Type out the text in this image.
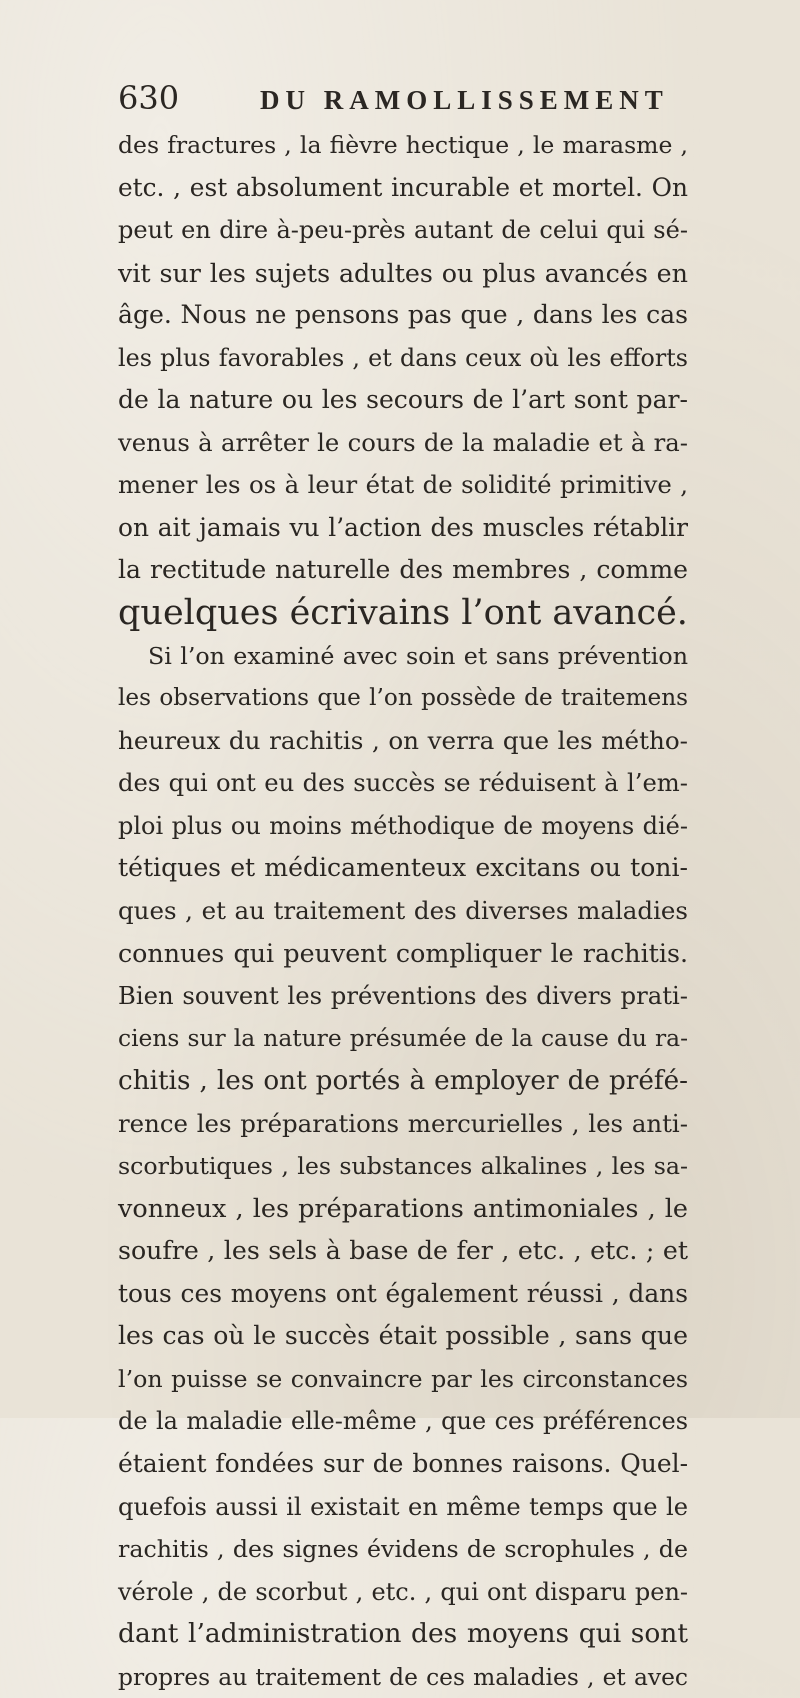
630	DU RAMOLLISSEMENT
des fractures , la fièvre hectique , le marasme ,
etc. , est absolument incurable et mortel. On
peut en dire à-peu-près autant de celui qui sé-
vit sur les sujets adultes ou plus avancés en
âge. Nous ne pensons pas que , dans les cas
les plus favorables , et dans ceux où les efforts
de la nature ou les secours de l’art sont par-
venus à arrêter le cours de la maladie et à ra-
mener les os à leur état de solidité primitive ,
on ait jamais vu l’action des muscles rétablir
la rectitude naturelle des membres , comme
quelques écrivains l’ont avancé.
Si l’on examiné avec soin et sans prévention
les observations que l’on possède de traitemens
heureux du rachitis , on verra que les métho-
des qui ont eu des succès se réduisent à l’em-
ploi plus ou moins méthodique de moyens dié-
tétiques et médicamenteux excitans ou toni-
ques , et au traitement des diverses maladies
connues qui peuvent compliquer le rachitis.
Bien souvent les préventions des divers prati-
ciens sur la nature présumée de la cause du ra-
chitis , les ont portés à employer de préfé-
rence les préparations mercurielles , les anti-
scorbutiques , les substances alkalines , les sa-
vonneux , les préparations antimoniales , le
soufre , les sels à base de fer , etc. , etc. ; et
tous ces moyens ont également réussi , dans
les cas où le succès était possible , sans que
l’on puisse se convaincre par les circonstances
de la maladie elle-même , que ces préférences
étaient fondées sur de bonnes raisons. Quel-
quefois aussi il existait en même temps que le
rachitis , des signes évidens de scrophules , de
vérole , de scorbut , etc. , qui ont disparu pen-
dant l’administration des moyens qui sont
propres au traitement de ces maladies , et avec
